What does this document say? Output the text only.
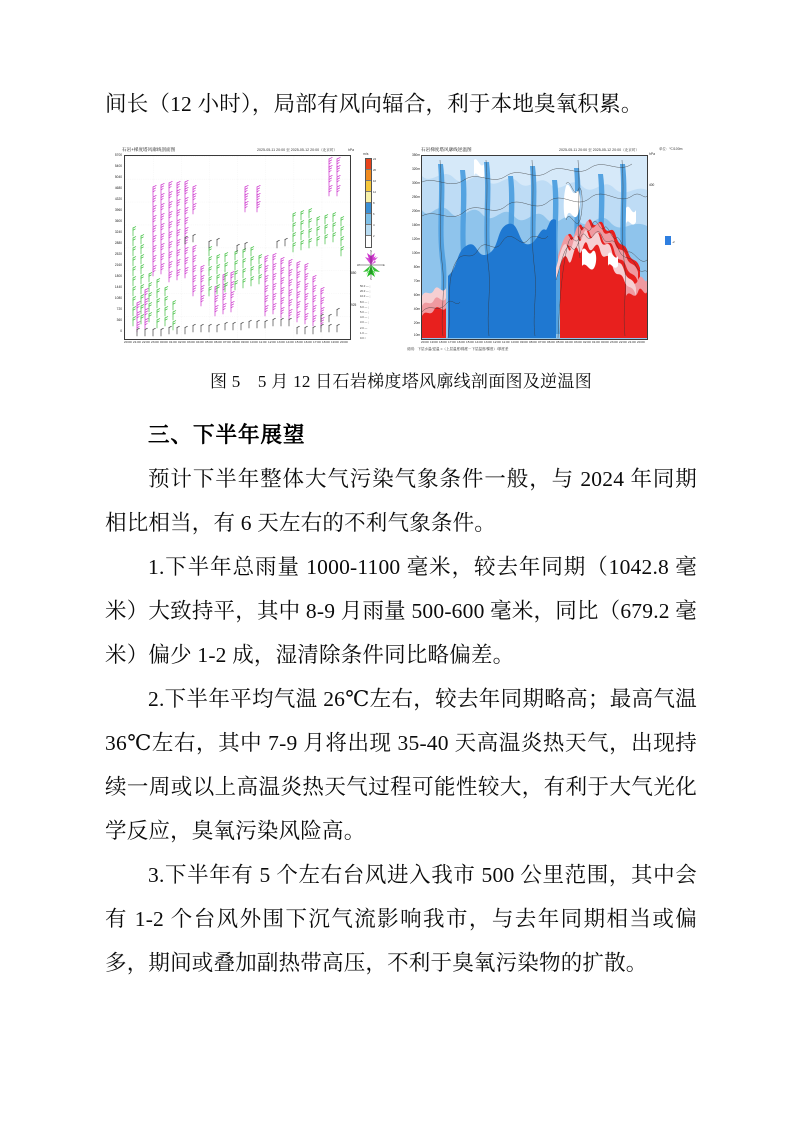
间长（12 小时），局部有风向辐合，利于本地臭氧积累。

石岩+梯度塔风廓线剖面图	2025-05-11 20:00 至 2025-05-12 20:00（北京时）	hPa
5700
5400
5040
4680
4320
3960
3600
3240
2880
2520
2160
1800
1440
1080
720
360
0
20:00 21:00 22:00 23:00 00:00 01:00 02:00 03:00 04:00 05:00 06:00 07:00 08:00 09:00 10:00 11:00 12:00 13:00 14:00 15:00 16:00 17:00 18:00 19:00 20:00
850
925
24
20
16
12
8
6
4
2
m/s
N
S
E
W
50.0 —⋮
20.0 —⋮
10.0 —⋮
8.0 —⋮
6.0 —⋮
5.0 —⋮
4.0 —⋮
3.0 —⋮
2.0 —
1.0 —
0.0 ○
石岩梯度塔风廓线逆温图	2025-05-11 20:00 至 2025-05-12 20:00（北京时）
hPa
单位：℃/100m
350m
320m
300m
250m
200m
160m
120m
100m
80m
70m
60m
40m
20m
10m
20:00 19:00 18:00 17:00 16:00 15:00 14:00 13:00 12:00 11:00 10:00 09:00 08:00 07:00 06:00 05:00 04:00 03:00 02:00 01:00 00:00 23:00 22:00 21:00 20:00
400
-2
说明：下层水温/逆温 =（上层温度/梯度－下层温度/梯度）/厚度差
图 5　5 月 12 日石岩梯度塔风廓线剖面图及逆温图
三、下半年展望

预计下半年整体大气污染气象条件一般，与 2024 年同期相比相当，有 6 天左右的不利气象条件。

1.下半年总雨量 1000-1100 毫米，较去年同期（1042.8 毫米）大致持平，其中 8-9 月雨量 500-600 毫米，同比（679.2 毫米）偏少 1-2 成，湿清除条件同比略偏差。

2.下半年平均气温 26℃左右，较去年同期略高；最高气温 36℃左右，其中 7-9 月将出现 35-40 天高温炎热天气，出现持续一周或以上高温炎热天气过程可能性较大，有利于大气光化学反应，臭氧污染风险高。

3.下半年有 5 个左右台风进入我市 500 公里范围，其中会有 1-2 个台风外围下沉气流影响我市，与去年同期相当或偏多，期间或叠加副热带高压，不利于臭氧污染物的扩散。
